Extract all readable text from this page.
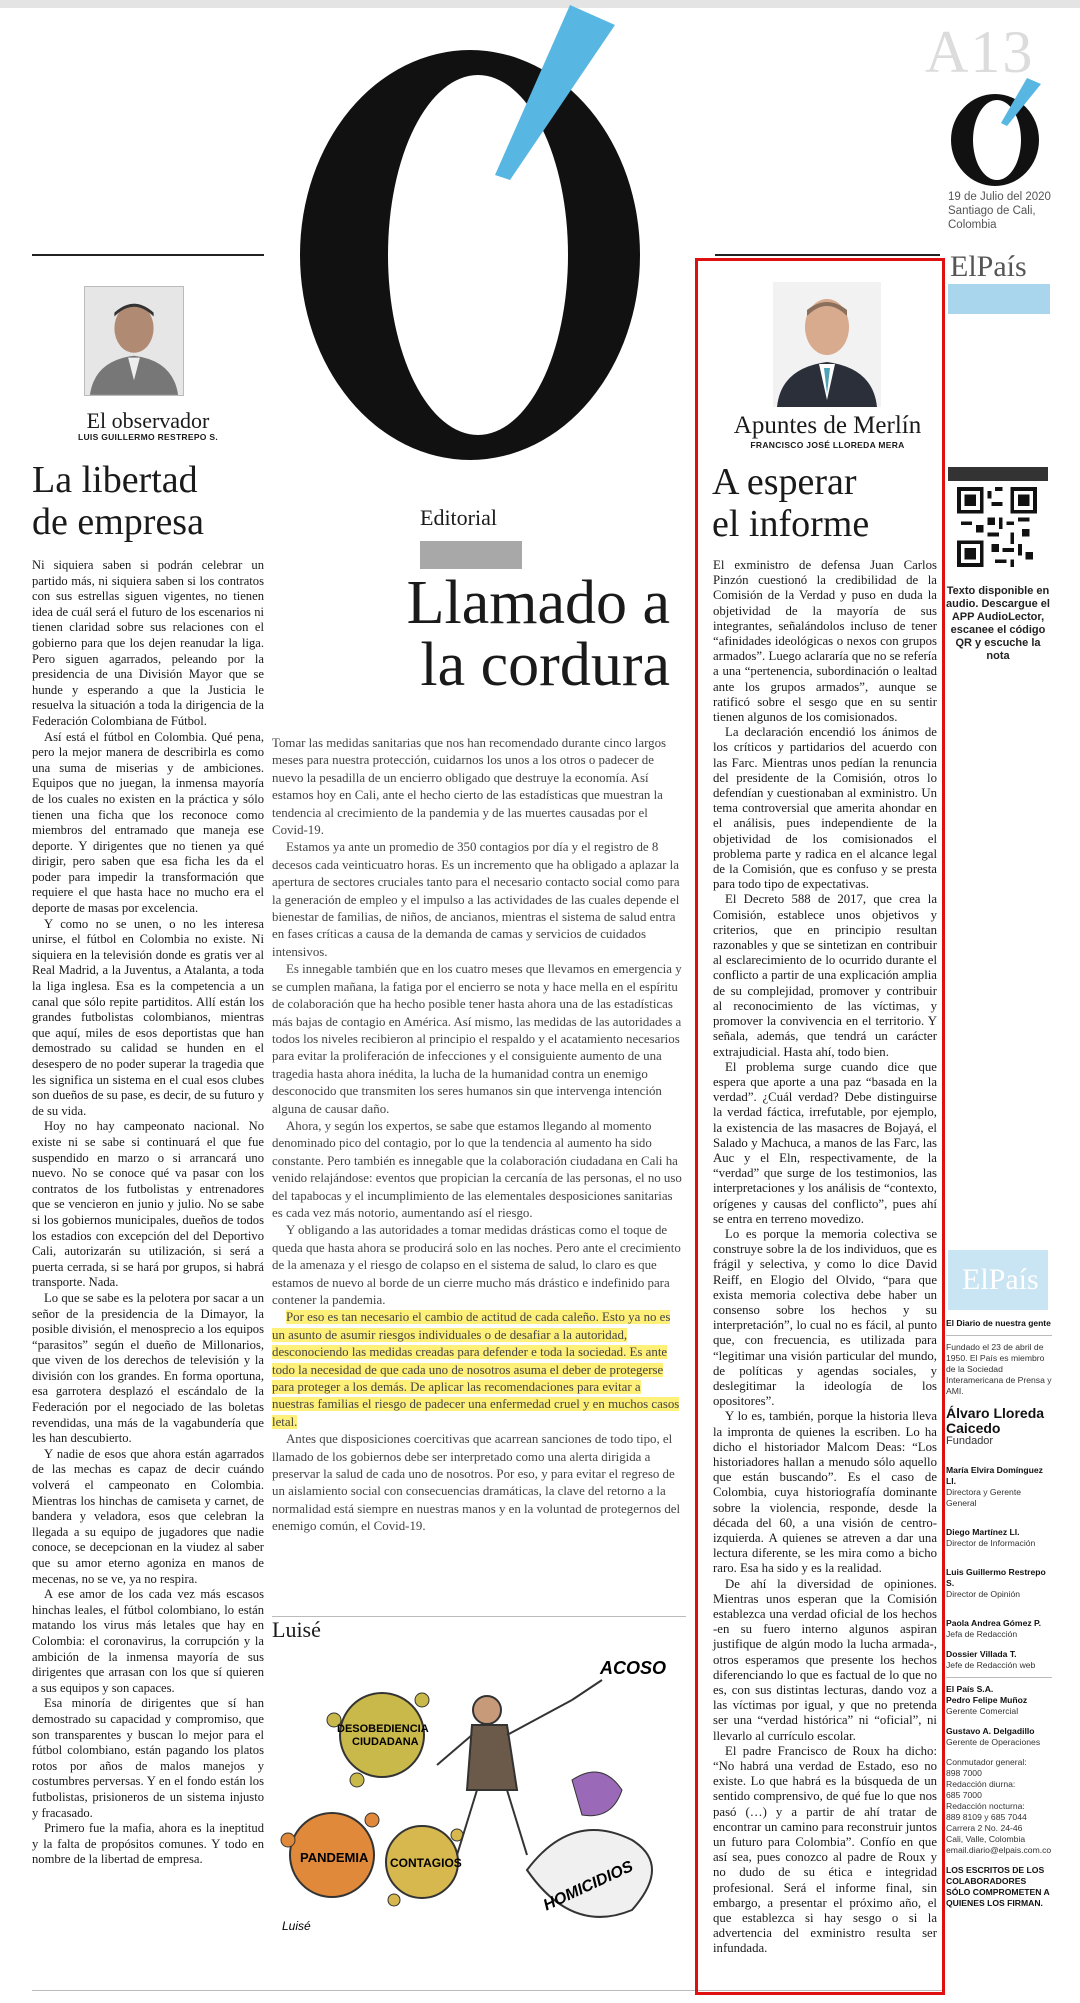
A13
19 de Julio del 2020 Santiago de Cali, Colombia
ElPaís
El observador
LUIS GUILLERMO RESTREPO S.
La libertad
de empresa

Ni siquiera saben si podrán celebrar un partido más, ni siquiera saben si los contratos con sus estrellas siguen vigentes, no tienen idea de cuál será el futuro de los escenarios ni tienen claridad sobre sus relaciones con el gobierno para que los dejen reanudar la liga. Pero siguen agarrados, peleando por la presidencia de una División Mayor que se hunde y esperando a que la Justicia le resuelva la situación a toda la dirigencia de la Federación Colombiana de Fútbol.

Así está el fútbol en Colombia. Qué pena, pero la mejor manera de describirla es como una suma de miserias y de ambiciones. Equipos que no juegan, la inmensa mayoría de los cuales no existen en la práctica y sólo tienen una ficha que los reconoce como miembros del entramado que maneja ese deporte. Y dirigentes que no tienen ya qué dirigir, pero saben que esa ficha les da el poder para impedir la transformación que requiere el que hasta hace no mucho era el deporte de masas por excelencia.

Y como no se unen, o no les interesa unirse, el fútbol en Colombia no existe. Ni siquiera en la televisión donde es gratis ver al Real Madrid, a la Juventus, a Atalanta, a toda la liga inglesa. Esa es la competencia a un canal que sólo repite partiditos. Allí están los grandes futbolistas colombianos, mientras que aquí, miles de esos deportistas que han demostrado su calidad se hunden en el desespero de no poder superar la tragedia que les significa un sistema en el cual esos clubes son dueños de su pase, es decir, de su futuro y de su vida.

Hoy no hay campeonato nacional. No existe ni se sabe si continuará el que fue suspendido en marzo o si arrancará uno nuevo. No se conoce qué va pasar con los contratos de los futbolistas y entrenadores que se vencieron en junio y julio. No se sabe si los gobiernos municipales, dueños de todos los estadios con excepción del del Deportivo Cali, autorizarán su utilización, si será a puerta cerrada, si se hará por grupos, si habrá transporte. Nada.

Lo que se sabe es la pelotera por sacar a un señor de la presidencia de la Dimayor, la posible división, el menosprecio a los equipos “parasitos” según el dueño de Millonarios, que viven de los derechos de televisión y la división con los grandes. En forma oportuna, esa garrotera desplazó el escándalo de la Federación por el negociado de las boletas revendidas, una más de la vagabundería que les han descubierto.

Y nadie de esos que ahora están agarrados de las mechas es capaz de decir cuándo volverá el campeonato en Colombia. Mientras los hinchas de camiseta y carnet, de bandera y veladora, esos que celebran la llegada a su equipo de jugadores que nadie conoce, se decepcionan en la viudez al saber que su amor eterno agoniza en manos de mecenas, no se ve, ya no respira.

A ese amor de los cada vez más escasos hinchas leales, el fútbol colombiano, lo están matando los virus más letales que hay en Colombia: el coronavirus, la corrupción y la ambición de la inmensa mayoría de sus dirigentes que arrasan con los que sí quieren a sus equipos y son capaces.

Esa minoría de dirigentes que sí han demostrado su capacidad y compromiso, que son transparentes y buscan lo mejor para el fútbol colombiano, están pagando los platos rotos por años de malos manejos y costumbres perversas. Y en el fondo están los futbolistas, prisioneros de un sistema injusto y fracasado.

Primero fue la mafia, ahora es la ineptitud y la falta de propósitos comunes. Y todo en nombre de la libertad de empresa.

Editorial
Llamado a
la cordura

Tomar las medidas sanitarias que nos han recomendado durante cinco largos meses para nuestra protección, cuidarnos los unos a los otros o padecer de nuevo la pesadilla de un encierro obligado que destruye la economía. Así estamos hoy en Cali, ante el hecho cierto de las estadísticas que muestran la tendencia al crecimiento de la pandemia y de las muertes causadas por el Covid-19.

Estamos ya ante un promedio de 350 contagios por día y el registro de 8 decesos cada veinticuatro horas. Es un incremento que ha obligado a aplazar la apertura de sectores cruciales tanto para el necesario contacto social como para la generación de empleo y el impulso a las actividades de las cuales depende el bienestar de familias, de niños, de ancianos, mientras el sistema de salud entra en fases críticas a causa de la demanda de camas y servicios de cuidados intensivos.

Es innegable también que en los cuatro meses que llevamos en emergencia y se cumplen mañana, la fatiga por el encierro se nota y hace mella en el espíritu de colaboración que ha hecho posible tener hasta ahora una de las estadísticas más bajas de contagio en América. Así mismo, las medidas de las autoridades a todos los niveles recibieron al principio el respaldo y el acatamiento necesarios para evitar la proliferación de infecciones y el consiguiente aumento de una tragedia hasta ahora inédita, la lucha de la humanidad contra un enemigo desconocido que transmiten los seres humanos sin que intervenga intención alguna de causar daño.

Ahora, y según los expertos, se sabe que estamos llegando al momento denominado pico del contagio, por lo que la tendencia al aumento ha sido constante. Pero también es innegable que la colaboración ciudadana en Cali ha venido relajándose: eventos que propician la cercanía de las personas, el no uso del tapabocas y el incumplimiento de las elementales desposiciones sanitarias es cada vez más notorio, aumentando así el riesgo.

Y obligando a las autoridades a tomar medidas drásticas como el toque de queda que hasta ahora se producirá solo en las noches. Pero ante el crecimiento de la amenaza y el riesgo de colapso en el sistema de salud, lo claro es que estamos de nuevo al borde de un cierre mucho más drástico e indefinido para contener la pandemia.

Por eso es tan necesario el cambio de actitud de cada caleño. Esto ya no es un asunto de asumir riesgos individuales o de desafiar a la autoridad, desconociendo las medidas creadas para defender e toda la sociedad. Es ante todo la necesidad de que cada uno de nosotros asuma el deber de protegerse para proteger a los demás. De aplicar las recomendaciones para evitar a nuestras familias el riesgo de padecer una enfermedad cruel y en muchos casos letal.

Antes que disposiciones coercitivas que acarrean sanciones de todo tipo, el llamado de los gobiernos debe ser interpretado como una alerta dirigida a preservar la salud de cada uno de nosotros. Por eso, y para evitar el regreso de un aislamiento social con consecuencias dramáticas, la clave del retorno a la normalidad está siempre en nuestras manos y en la voluntad de protegernos del enemigo común, el Covid-19.

Luisé
ACOSO
DESOBEDIENCIA
CIUDADANA
PANDEMIA CONTAGIOS	HOMICIDIOS
Luisé
Apuntes de Merlín
FRANCISCO JOSÉ LLOREDA MERA
A esperar
el informe

El exministro de defensa Juan Carlos Pinzón cuestionó la credibilidad de la Comisión de la Verdad y puso en duda la objetividad de la mayoría de sus integrantes, señalándolos incluso de tener “afinidades ideológicas o nexos con grupos armados”. Luego aclararía que no se refería a una “pertenencia, subordinación o lealtad ante los grupos armados”, aunque se ratificó sobre el sesgo que en su sentir tienen algunos de los comisionados.

La declaración encendió los ánimos de los críticos y partidarios del acuerdo con las Farc. Mientras unos pedían la renuncia del presidente de la Comisión, otros lo defendían y cuestionaban al exministro. Un tema controversial que amerita ahondar en el análisis, pues independiente de la objetividad de los comisionados el problema parte y radica en el alcance legal de la Comisión, que es confuso y se presta para todo tipo de expectativas.

El Decreto 588 de 2017, que crea la Comisión, establece unos objetivos y criterios, que en principio resultan razonables y que se sintetizan en contribuir al esclarecimiento de lo ocurrido durante el conflicto a partir de una explicación amplia de su complejidad, promover y contribuir al reconocimiento de las víctimas, y promover la convivencia en el territorio. Y señala, además, que tendrá un carácter extrajudicial. Hasta ahí, todo bien.

El problema surge cuando dice que espera que aporte a una paz “basada en la verdad”. ¿Cuál verdad? Debe distinguirse la verdad fáctica, irrefutable, por ejemplo, la existencia de las masacres de Bojayá, el Salado y Machuca, a manos de las Farc, las Auc y el Eln, respectivamente, de la “verdad” que surge de los testimonios, las interpretaciones y los análisis de “contexto, orígenes y causas del conflicto”, pues ahí se entra en terreno movedizo.

Lo es porque la memoria colectiva se construye sobre la de los individuos, que es frágil y selectiva, y como lo dice David Reiff, en Elogio del Olvido, “para que exista memoria colectiva debe haber un consenso sobre los hechos y su interpretación”, lo cual no es fácil, al punto que, con frecuencia, es utilizada para “legitimar una visión particular del mundo, de políticas y agendas sociales, y deslegitimar la ideología de los opositores”.

Y lo es, también, porque la historia lleva la impronta de quienes la escriben. Lo ha dicho el historiador Malcom Deas: “Los historiadores hallan a menudo sólo aquello que están buscando”. Es el caso de Colombia, cuya historiografía dominante sobre la violencia, responde, desde la década del 60, a una visión de centro-izquierda. A quienes se atreven a dar una lectura diferente, se les mira como a bicho raro. Esa ha sido y es la realidad.

De ahí la diversidad de opiniones. Mientras unos esperan que la Comisión establezca una verdad oficial de los hechos -en su fuero interno algunos aspiran justifique de algún modo la lucha armada-, otros esperamos que presente los hechos diferenciando lo que es factual de lo que no es, con sus distintas lecturas, dando voz a las víctimas por igual, y que no pretenda ser una “verdad histórica” ni “oficial”, ni llevarlo al currículo escolar.

El padre Francisco de Roux ha dicho: “No habrá una verdad de Estado, eso no existe. Lo que habrá es la búsqueda de un sentido comprensivo, de qué fue lo que nos pasó (…) y a partir de ahí tratar de encontrar un camino para reconstruir juntos un futuro para Colombia”. Confío en que así sea, pues conozco al padre de Roux y no dudo de su ética e integridad profesional. Será el informe final, sin embargo, a presentar el próximo año, el que establezca si hay sesgo o si la advertencia del exministro resulta ser infundada.

Texto disponible en audio. Descargue el APP AudioLector, escanee el código QR y escuche la nota
ElPaís
El Diario de nuestra gente
Fundado el 23 de abril de 1950. El País es miembro de la Sociedad Interamericana de Prensa y AMI.
Álvaro Lloreda Caicedo
Fundador
María Elvira Domínguez Ll.
Directora y Gerente General
Diego Martínez Ll.
Director de Información
Luis Guillermo Restrepo S.
Director de Opinión
Paola Andrea Gómez P.
Jefa de Redacción
Dossier Villada T.
Jefe de Redacción web
El País S.A.
Pedro Felipe Muñoz
Gerente Comercial
Gustavo A. Delgadillo
Gerente de Operaciones
Conmutador general:
898 7000
Redacción diurna:
685 7000
Redacción nocturna:
889 8109 y 685 7044
Carrera 2 No. 24-46
Cali, Valle, Colombia
email.diario@elpais.com.co
LOS ESCRITOS DE LOS COLABORADORES SÓLO COMPROMETEN A QUIENES LOS FIRMAN.
